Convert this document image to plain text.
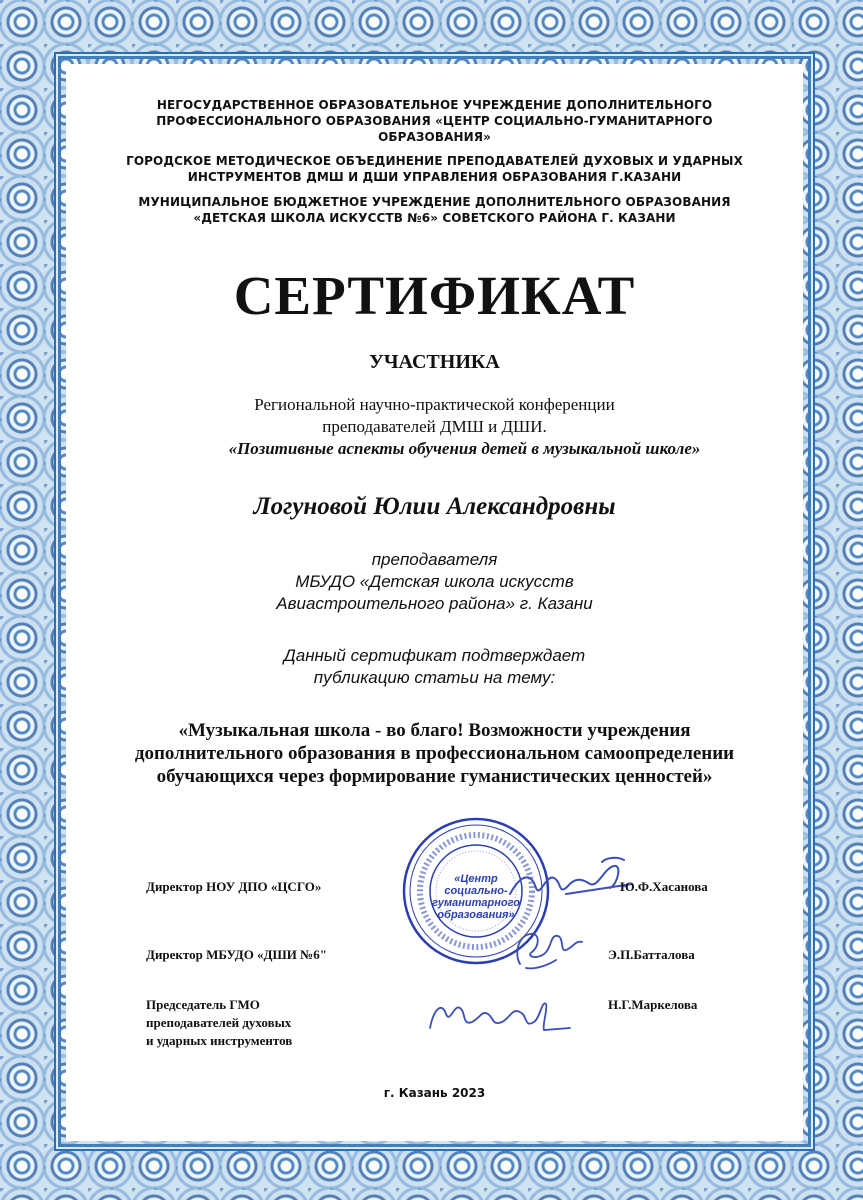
НЕГОСУДАРСТВЕННОЕ ОБРАЗОВАТЕЛЬНОЕ УЧРЕЖДЕНИЕ ДОПОЛНИТЕЛЬНОГО
ПРОФЕССИОНАЛЬНОГО ОБРАЗОВАНИЯ «ЦЕНТР СОЦИАЛЬНО-ГУМАНИТАРНОГО
ОБРАЗОВАНИЯ»
ГОРОДСКОЕ МЕТОДИЧЕСКОЕ ОБЪЕДИНЕНИЕ ПРЕПОДАВАТЕЛЕЙ ДУХОВЫХ И УДАРНЫХ
ИНСТРУМЕНТОВ ДМШ И ДШИ УПРАВЛЕНИЯ ОБРАЗОВАНИЯ Г.КАЗАНИ
МУНИЦИПАЛЬНОЕ БЮДЖЕТНОЕ УЧРЕЖДЕНИЕ ДОПОЛНИТЕЛЬНОГО ОБРАЗОВАНИЯ
«ДЕТСКАЯ ШКОЛА ИСКУССТВ №6» СОВЕТСКОГО РАЙОНА Г. КАЗАНИ
СЕРТИФИКАТ
УЧАСТНИКА
Региональной научно-практической конференции
преподавателей ДМШ и ДШИ.
«Позитивные аспекты обучения детей в музыкальной школе»
Логуновой Юлии Александровны
преподавателя
МБУДО «Детская школа искусств
Авиастроительного района» г. Казани
Данный сертификат подтверждает
публикацию статьи на тему:
«Музыкальная школа - во благо! Возможности учреждения
дополнительного образования в профессиональном самоопределении
обучающихся через формирование гуманистических ценностей»
«Центр
социально-
гуманитарного
образования»
Директор НОУ ДПО «ЦСГО»	Ю.Ф.Хасанова
Директор МБУДО «ДШИ №6"	Э.П.Батталова
Председатель ГМО
преподавателей духовых
и ударных инструментов
Н.Г.Маркелова
г. Казань 2023
